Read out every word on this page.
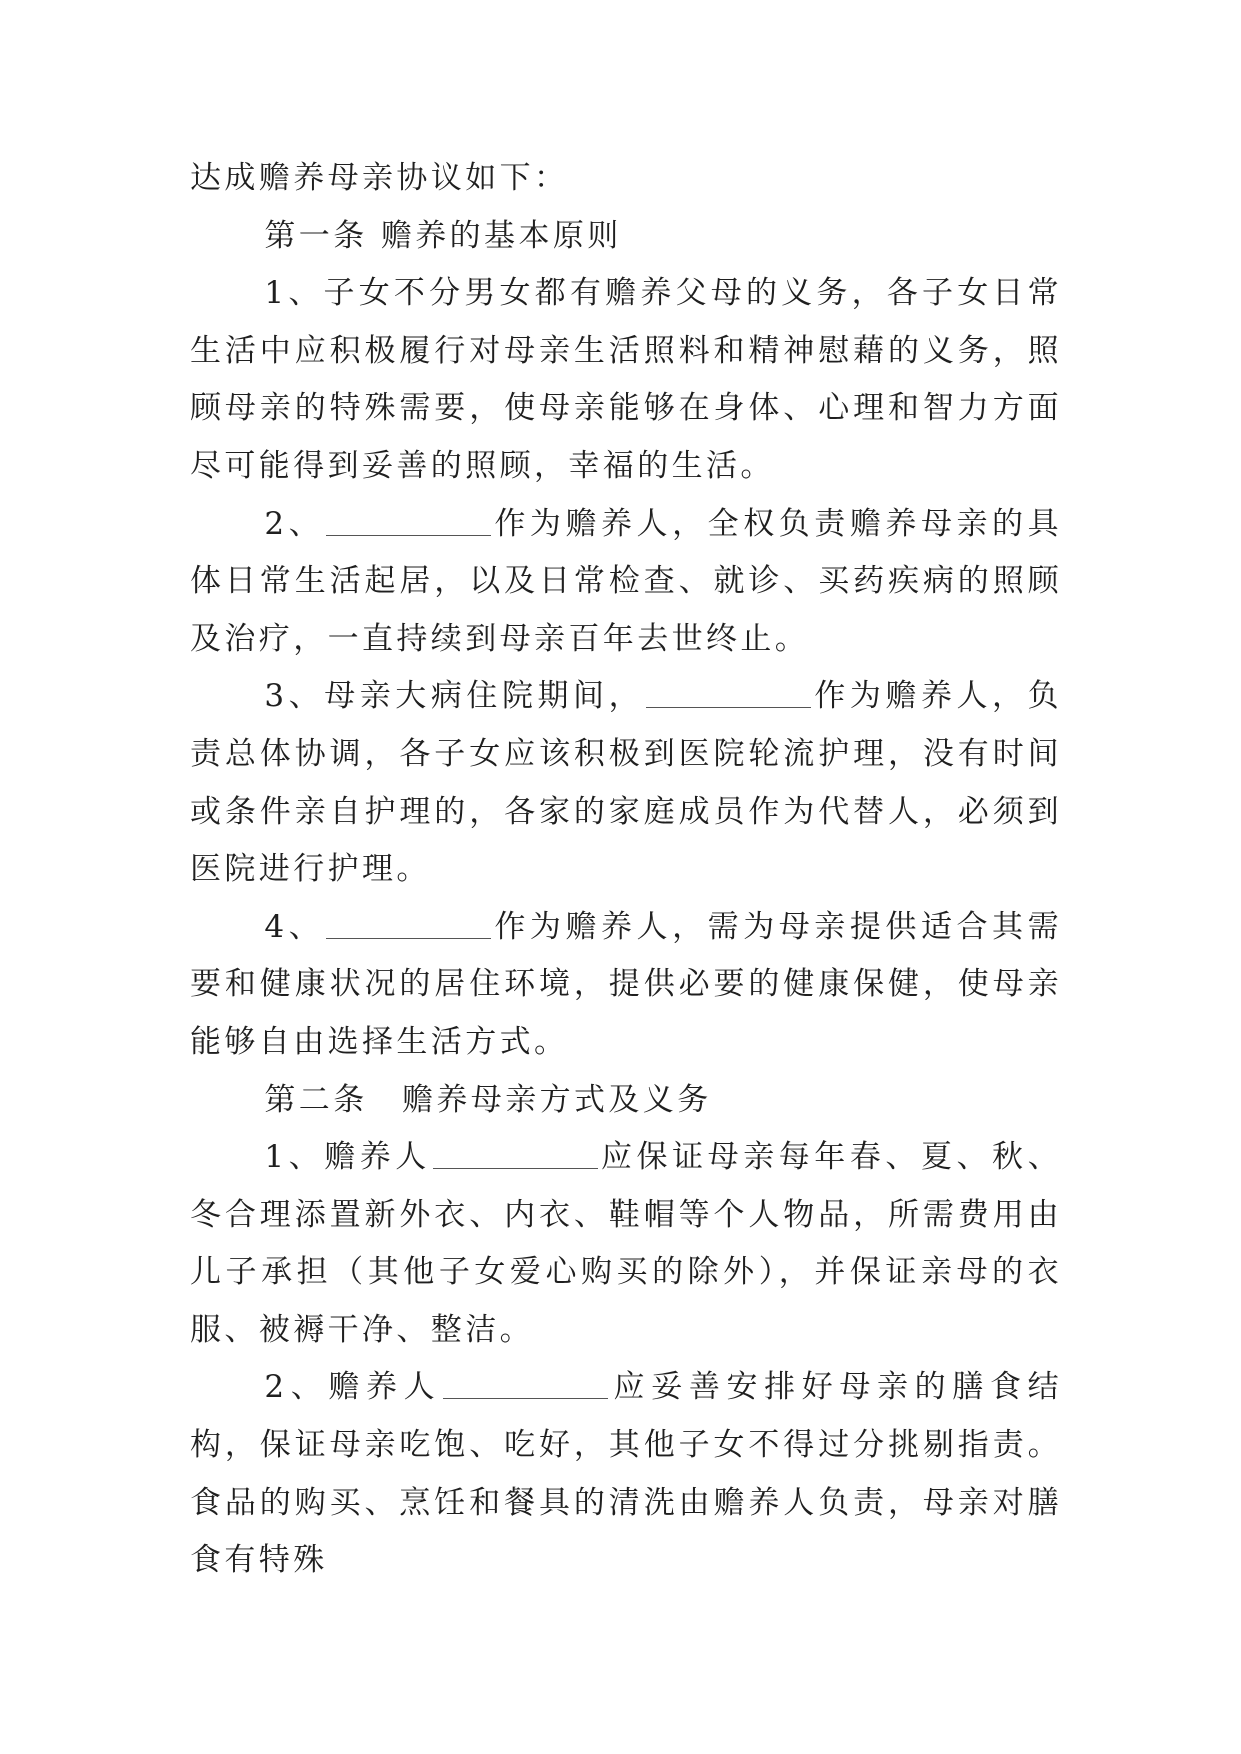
达成赡养母亲协议如下：

第一条 赡养的基本原则

1、子女不分男女都有赡养父母的义务，各子女日常生活中应积极履行对母亲生活照料和精神慰藉的义务，照顾母亲的特殊需要，使母亲能够在身体、心理和智力方面尽可能得到妥善的照顾，幸福的生活。

2、	作为赡养人，全权负责赡养母亲的具体日常生活起居，以及日常检查、就诊、买药疾病的照顾及治疗，一直持续到母亲百年去世终止。

3、母亲大病住院期间，	作为赡养人，负责总体协调，各子女应该积极到医院轮流护理，没有时间或条件亲自护理的，各家的家庭成员作为代替人，必须到医院进行护理。

4、	作为赡养人，需为母亲提供适合其需要和健康状况的居住环境，提供必要的健康保健，使母亲能够自由选择生活方式。

第二条　赡养母亲方式及义务

1、赡养人	应保证母亲每年春、夏、秋、冬合理添置新外衣、内衣、鞋帽等个人物品，所需费用由儿子承担（其他子女爱心购买的除外），并保证亲母的衣服、被褥干净、整洁。

2、赡养人	应妥善安排好母亲的膳食结构，保证母亲吃饱、吃好，其他子女不得过分挑剔指责。食品的购买、烹饪和餐具的清洗由赡养人负责，母亲对膳食有特殊
